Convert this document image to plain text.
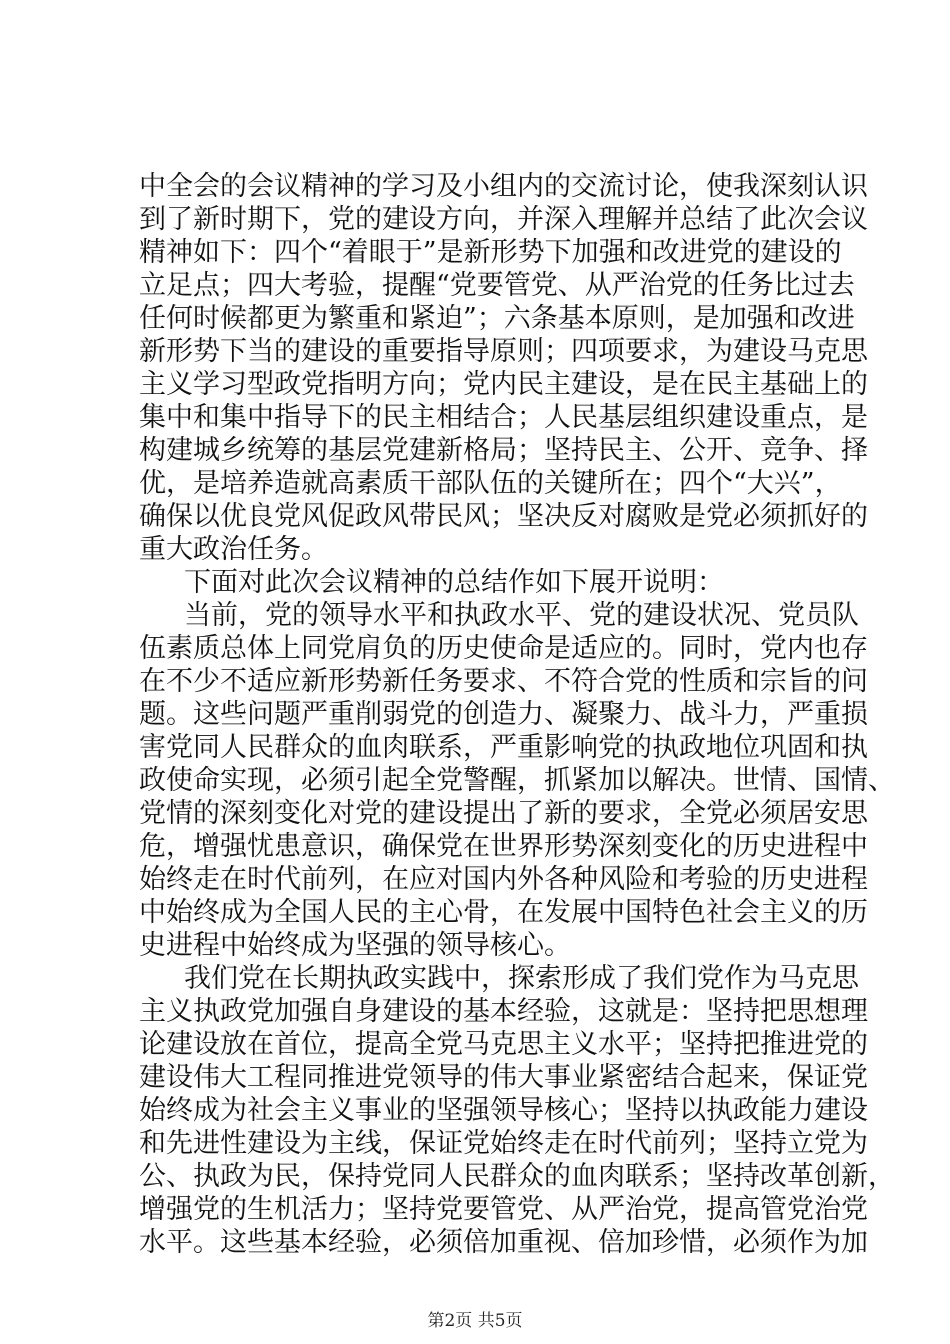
中全会的会议精神的学习及小组内的交流讨论，使我深刻认识
到了新时期下，党的建设方向，并深入理解并总结了此次会议
精神如下：四个“着眼于”是新形势下加强和改进党的建设的
立足点；四大考验，提醒“党要管党、从严治党的任务比过去
任何时候都更为繁重和紧迫”；六条基本原则，是加强和改进
新形势下当的建设的重要指导原则；四项要求，为建设马克思
主义学习型政党指明方向；党内民主建设，是在民主基础上的
集中和集中指导下的民主相结合；人民基层组织建设重点，是
构建城乡统筹的基层党建新格局；坚持民主、公开、竞争、择
优，是培养造就高素质干部队伍的关键所在；四个“大兴”，
确保以优良党风促政风带民风；坚决反对腐败是党必须抓好的
重大政治任务。
下面对此次会议精神的总结作如下展开说明：
当前，党的领导水平和执政水平、党的建设状况、党员队
伍素质总体上同党肩负的历史使命是适应的。同时，党内也存
在不少不适应新形势新任务要求、不符合党的性质和宗旨的问
题。这些问题严重削弱党的创造力、凝聚力、战斗力，严重损
害党同人民群众的血肉联系，严重影响党的执政地位巩固和执
政使命实现，必须引起全党警醒，抓紧加以解决。世情、国情、
党情的深刻变化对党的建设提出了新的要求，全党必须居安思
危，增强忧患意识，确保党在世界形势深刻变化的历史进程中
始终走在时代前列，在应对国内外各种风险和考验的历史进程
中始终成为全国人民的主心骨，在发展中国特色社会主义的历
史进程中始终成为坚强的领导核心。
我们党在长期执政实践中，探索形成了我们党作为马克思
主义执政党加强自身建设的基本经验，这就是：坚持把思想理
论建设放在首位，提高全党马克思主义水平；坚持把推进党的
建设伟大工程同推进党领导的伟大事业紧密结合起来，保证党
始终成为社会主义事业的坚强领导核心；坚持以执政能力建设
和先进性建设为主线，保证党始终走在时代前列；坚持立党为
公、执政为民，保持党同人民群众的血肉联系；坚持改革创新，
增强党的生机活力；坚持党要管党、从严治党，提高管党治党
水平。这些基本经验，必须倍加重视、倍加珍惜，必须作为加
第2页 共5页
